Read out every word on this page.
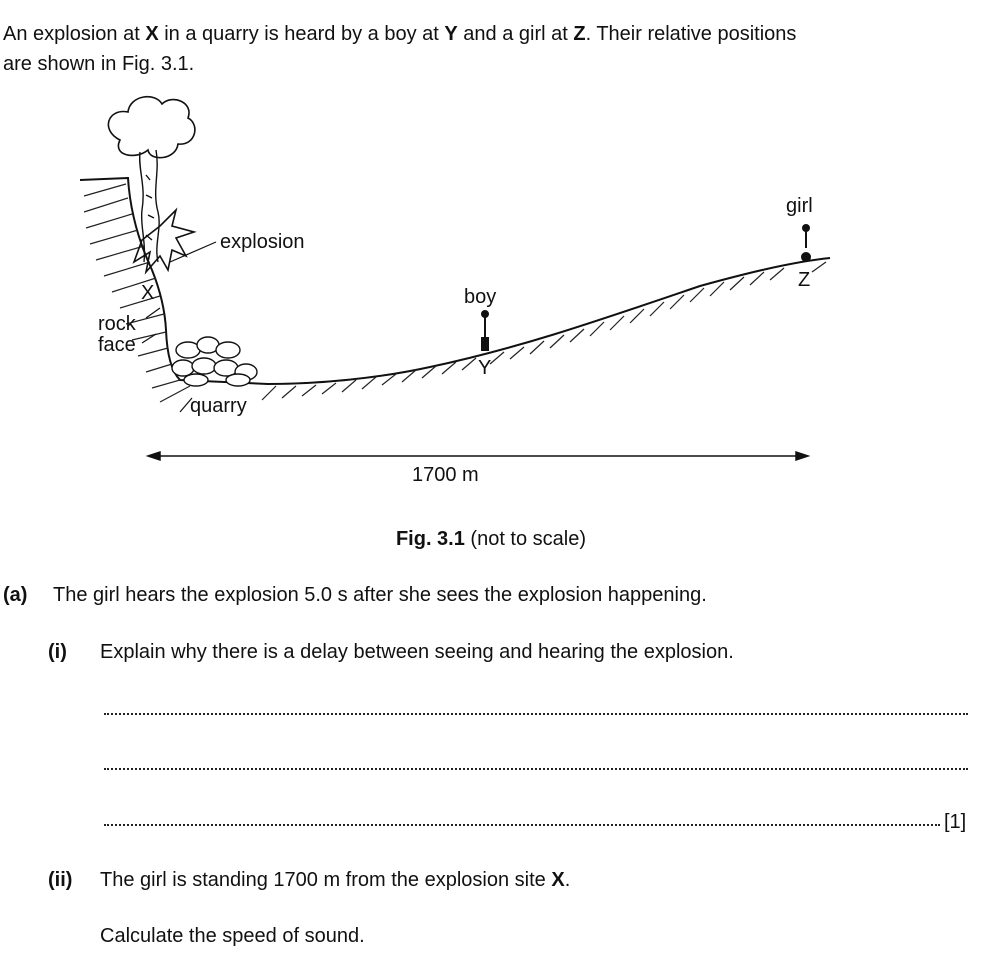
An explosion at X in a quarry is heard by a boy at Y and a girl at Z. Their relative positions
are shown in Fig. 3.1.
explosion
X
rock
face
quarry
boy
Y
girl
Z
1700 m
Fig. 3.1 (not to scale)
(a) The girl hears the explosion 5.0 s after she sees the explosion happening.
(i) Explain why there is a delay between seeing and hearing the explosion.
[1]
(ii) The girl is standing 1700 m from the explosion site X.
Calculate the speed of sound.
